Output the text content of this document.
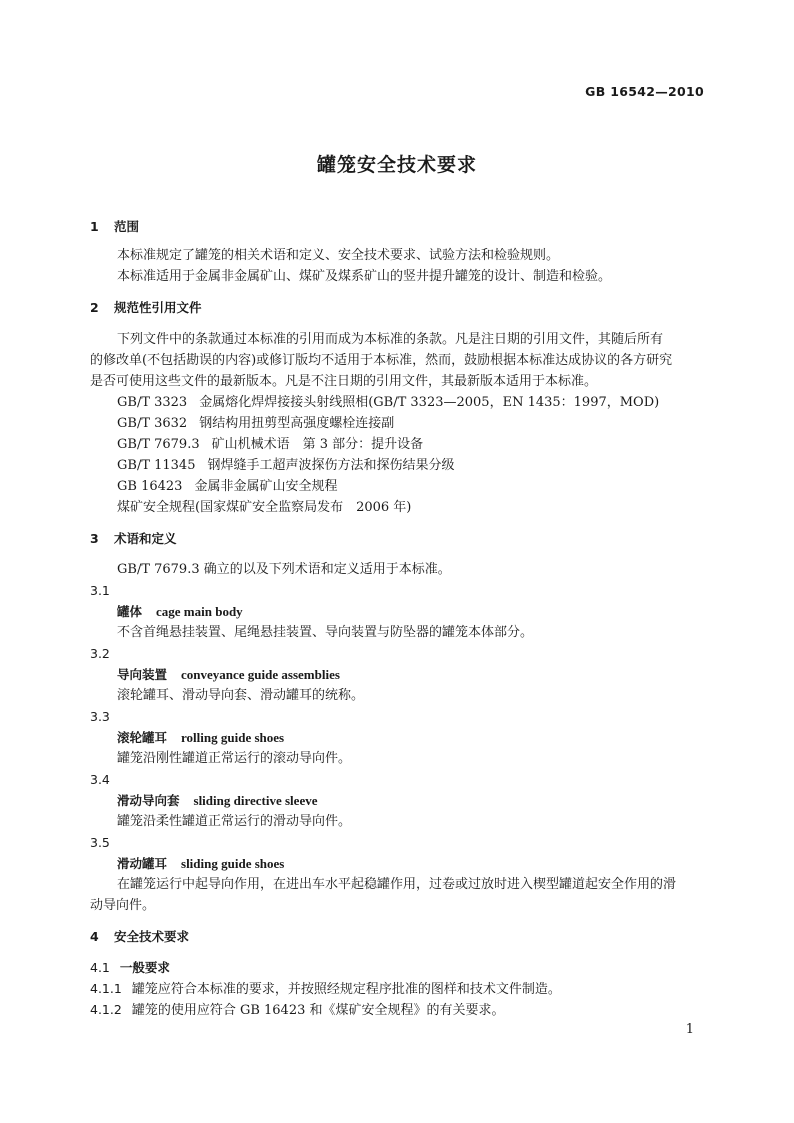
GB 16542—2010
罐笼安全技术要求
1 范围
本标准规定了罐笼的相关术语和定义、安全技术要求、试验方法和检验规则。
本标准适用于金属非金属矿山、煤矿及煤系矿山的竖井提升罐笼的设计、制造和检验。
2 规范性引用文件
下列文件中的条款通过本标准的引用而成为本标准的条款。凡是注日期的引用文件，其随后所有
的修改单(不包括勘误的内容)或修订版均不适用于本标准，然而，鼓励根据本标准达成协议的各方研究
是否可使用这些文件的最新版本。凡是不注日期的引用文件，其最新版本适用于本标准。
GB/T 3323 金属熔化焊焊接接头射线照相(GB/T 3323—2005，EN 1435：1997，MOD)
GB/T 3632 钢结构用扭剪型高强度螺栓连接副
GB/T 7679.3 矿山机械术语　第 3 部分：提升设备
GB/T 11345 钢焊缝手工超声波探伤方法和探伤结果分级
GB 16423 金属非金属矿山安全规程
煤矿安全规程(国家煤矿安全监察局发布　2006 年)
3 术语和定义
GB/T 7679.3 确立的以及下列术语和定义适用于本标准。
3.1
罐体 cage main body
不含首绳悬挂装置、尾绳悬挂装置、导向装置与防坠器的罐笼本体部分。
3.2
导向装置 conveyance guide assemblies
滚轮罐耳、滑动导向套、滑动罐耳的统称。
3.3
滚轮罐耳 rolling guide shoes
罐笼沿刚性罐道正常运行的滚动导向件。
3.4
滑动导向套 sliding directive sleeve
罐笼沿柔性罐道正常运行的滑动导向件。
3.5
滑动罐耳 sliding guide shoes
在罐笼运行中起导向作用，在进出车水平起稳罐作用，过卷或过放时进入楔型罐道起安全作用的滑
动导向件。
4 安全技术要求
4.1 一般要求
4.1.1 罐笼应符合本标准的要求，并按照经规定程序批准的图样和技术文件制造。
4.1.2 罐笼的使用应符合 GB 16423 和《煤矿安全规程》的有关要求。
1
